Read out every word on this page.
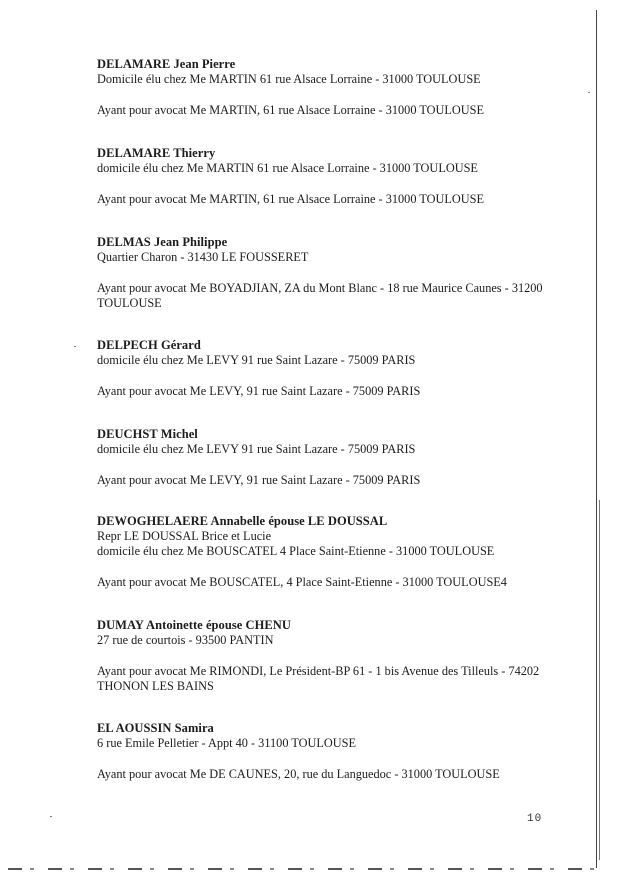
DELAMARE Jean Pierre
Domicile élu chez Me MARTIN 61 rue Alsace Lorraine - 31000 TOULOUSE
Ayant pour avocat Me MARTIN, 61 rue Alsace Lorraine - 31000 TOULOUSE
DELAMARE Thierry
domicile élu chez Me MARTIN 61 rue Alsace Lorraine - 31000 TOULOUSE
Ayant pour avocat Me MARTIN, 61 rue Alsace Lorraine - 31000 TOULOUSE
DELMAS Jean Philippe
Quartier Charon - 31430 LE FOUSSERET
Ayant pour avocat Me BOYADJIAN, ZA du Mont Blanc - 18 rue Maurice Caunes - 31200 TOULOUSE
DELPECH Gérard
domicile élu chez Me LEVY 91 rue Saint Lazare - 75009 PARIS
Ayant pour avocat Me LEVY, 91 rue Saint Lazare - 75009 PARIS
DEUCHST Michel
domicile élu chez Me LEVY 91 rue Saint Lazare - 75009 PARIS
Ayant pour avocat Me LEVY, 91 rue Saint Lazare - 75009 PARIS
DEWOGHELAERE Annabelle épouse LE DOUSSAL
Repr LE DOUSSAL Brice et Lucie
domicile élu chez Me BOUSCATEL 4 Place Saint-Etienne - 31000 TOULOUSE
Ayant pour avocat Me BOUSCATEL, 4 Place Saint-Etienne - 31000 TOULOUSE4
DUMAY Antoinette épouse CHENU
27 rue de courtois - 93500 PANTIN
Ayant pour avocat Me RIMONDI, Le Président-BP 61 - 1 bis Avenue des Tilleuls - 74202 THONON LES BAINS
EL AOUSSIN Samira
6 rue Emile Pelletier - Appt 40 - 31100 TOULOUSE
Ayant pour avocat Me DE CAUNES, 20, rue du Languedoc - 31000 TOULOUSE
10
